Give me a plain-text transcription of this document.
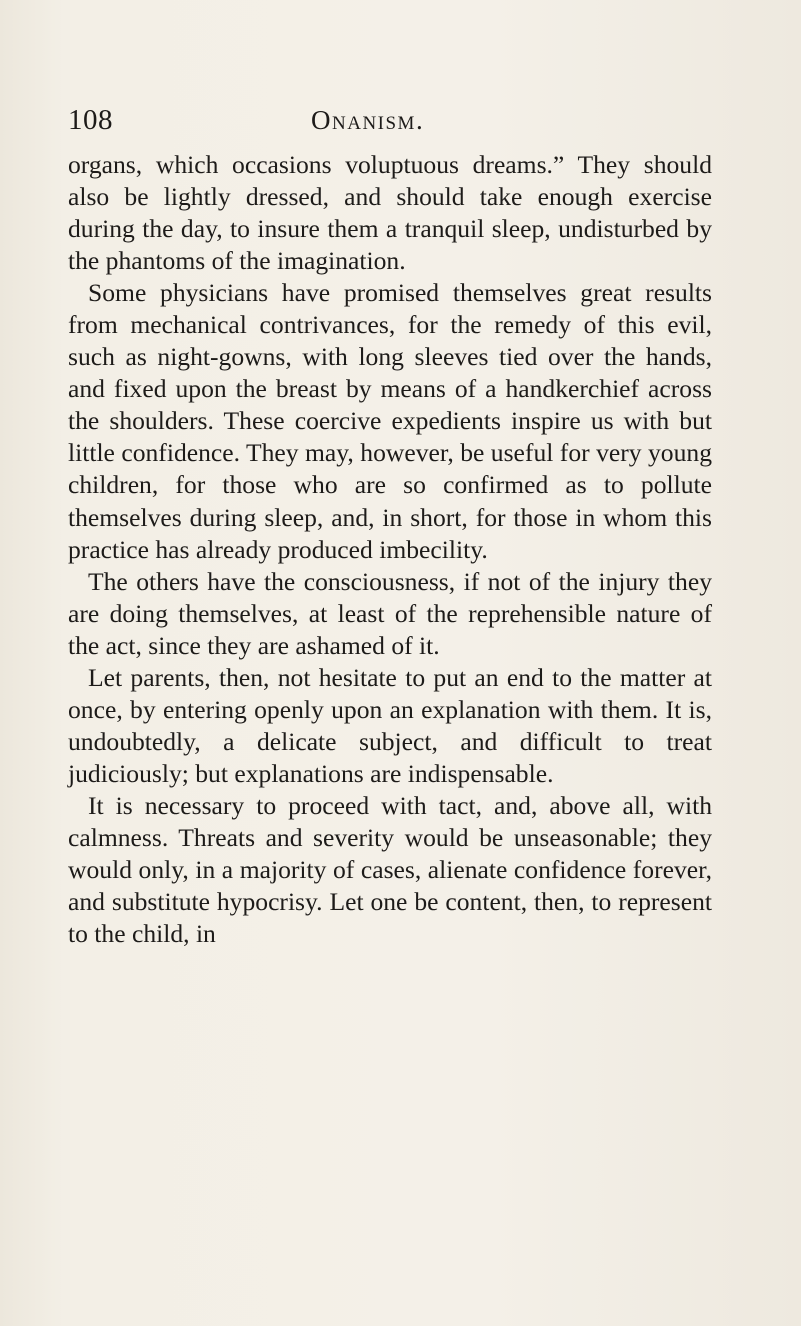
108	Onanism.

organs, which occasions voluptuous dreams.” They should also be lightly dressed, and should take enough exercise during the day, to insure them a tranquil sleep, undisturbed by the phantoms of the imagination.

Some physicians have promised themselves great results from mechanical contrivances, for the remedy of this evil, such as night-gowns, with long sleeves tied over the hands, and fixed upon the breast by means of a handkerchief across the shoulders. These coercive expedients inspire us with but little confidence. They may, however, be useful for very young children, for those who are so confirmed as to pollute themselves during sleep, and, in short, for those in whom this practice has already produced imbecility.

The others have the consciousness, if not of the injury they are doing themselves, at least of the reprehensible nature of the act, since they are ashamed of it.

Let parents, then, not hesitate to put an end to the matter at once, by entering openly upon an explanation with them. It is, undoubtedly, a delicate subject, and difficult to treat judiciously; but explanations are indispensable.

It is necessary to proceed with tact, and, above all, with calmness. Threats and severity would be unseasonable; they would only, in a majority of cases, alienate confidence forever, and substitute hypocrisy. Let one be content, then, to represent to the child, in
